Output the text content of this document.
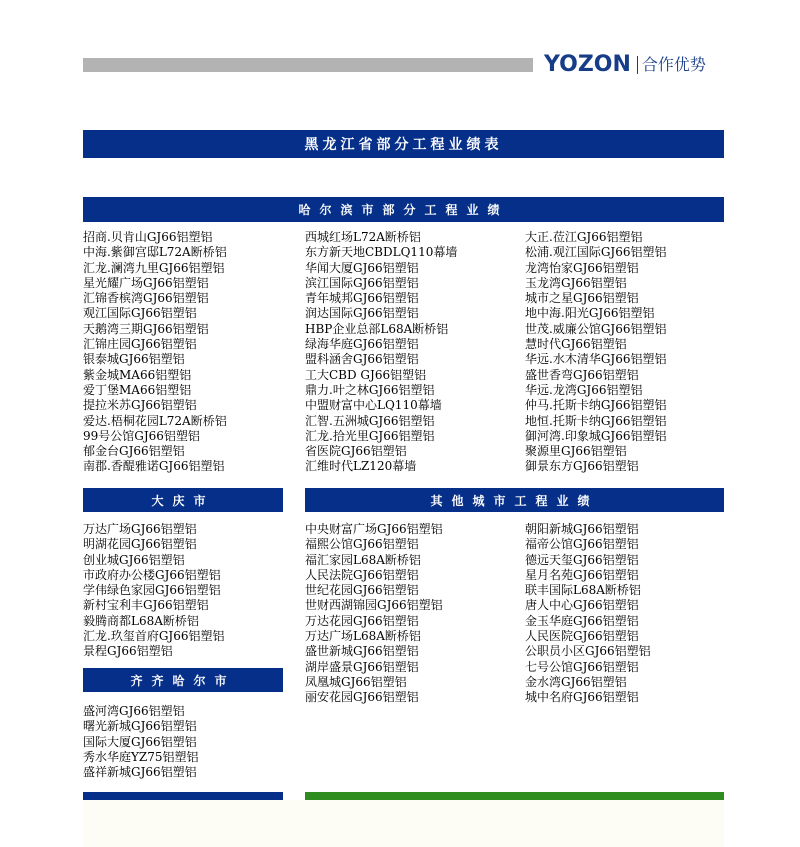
YOZON 合作优势
黑龙江省部分工程业绩表
哈尔滨市部分工程业绩
招商.贝肯山GJ66铝塑铝
中海.紫御宫邸L72A断桥铝
汇龙.澜湾九里GJ66铝塑铝
星光耀广场GJ66铝塑铝
汇锦香槟湾GJ66铝塑铝
观江国际GJ66铝塑铝
天鹅湾三期GJ66铝塑铝
汇锦庄园GJ66铝塑铝
银泰城GJ66铝塑铝
紫金城MA66铝塑铝
爱丁堡MA66铝塑铝
提拉米苏GJ66铝塑铝
爱达.梧桐花园L72A断桥铝
99号公馆GJ66铝塑铝
郁金台GJ66铝塑铝
南郡.香醍雅诺GJ66铝塑铝
西城红场L72A断桥铝
东方新天地CBDLQ110幕墙
华闻大厦GJ66铝塑铝
滨江国际GJ66铝塑铝
青年城邦GJ66铝塑铝
润达国际GJ66铝塑铝
HBP企业总部L68A断桥铝
绿海华庭GJ66铝塑铝
盟科涵舍GJ66铝塑铝
工大CBD GJ66铝塑铝
鼎力.叶之林GJ66铝塑铝
中盟财富中心LQ110幕墙
汇智.五洲城GJ66铝塑铝
汇龙.拾光里GJ66铝塑铝
省医院GJ66铝塑铝
汇维时代LZ120幕墙
大正.莅江GJ66铝塑铝
松浦.观江国际GJ66铝塑铝
龙湾怡家GJ66铝塑铝
玉龙湾GJ66铝塑铝
城市之星GJ66铝塑铝
地中海.阳光GJ66铝塑铝
世茂.威廉公馆GJ66铝塑铝
慧时代GJ66铝塑铝
华远.水木清华GJ66铝塑铝
盛世香弯GJ66铝塑铝
华远.龙湾GJ66铝塑铝
仲马.托斯卡纳GJ66铝塑铝
地恒.托斯卡纳GJ66铝塑铝
御河湾.印象城GJ66铝塑铝
聚源里GJ66铝塑铝
御景东方GJ66铝塑铝
大庆市
万达广场GJ66铝塑铝
明湖花园GJ66铝塑铝
创业城GJ66铝塑铝
市政府办公楼GJ66铝塑铝
学伟绿色家园GJ66铝塑铝
新村宝利丰GJ66铝塑铝
毅腾商都L68A断桥铝
汇龙.玖玺首府GJ66铝塑铝
景程GJ66铝塑铝
其他城市工程业绩
中央财富广场GJ66铝塑铝
福熙公馆GJ66铝塑铝
福汇家园L68A断桥铝
人民法院GJ66铝塑铝
世纪花园GJ66铝塑铝
世财西湖锦园GJ66铝塑铝
万达花园GJ66铝塑铝
万达广场L68A断桥铝
盛世新城GJ66铝塑铝
湖岸盛景GJ66铝塑铝
凤凰城GJ66铝塑铝
丽安花园GJ66铝塑铝
朝阳新城GJ66铝塑铝
福帝公馆GJ66铝塑铝
德远天玺GJ66铝塑铝
星月名苑GJ66铝塑铝
联丰国际L68A断桥铝
唐人中心GJ66铝塑铝
金玉华庭GJ66铝塑铝
人民医院GJ66铝塑铝
公职员小区GJ66铝塑铝
七号公馆GJ66铝塑铝
金水湾GJ66铝塑铝
城中名府GJ66铝塑铝
齐齐哈尔市
盛河湾GJ66铝塑铝
曙光新城GJ66铝塑铝
国际大厦GJ66铝塑铝
秀水华庭YZ75铝塑铝
盛祥新城GJ66铝塑铝
